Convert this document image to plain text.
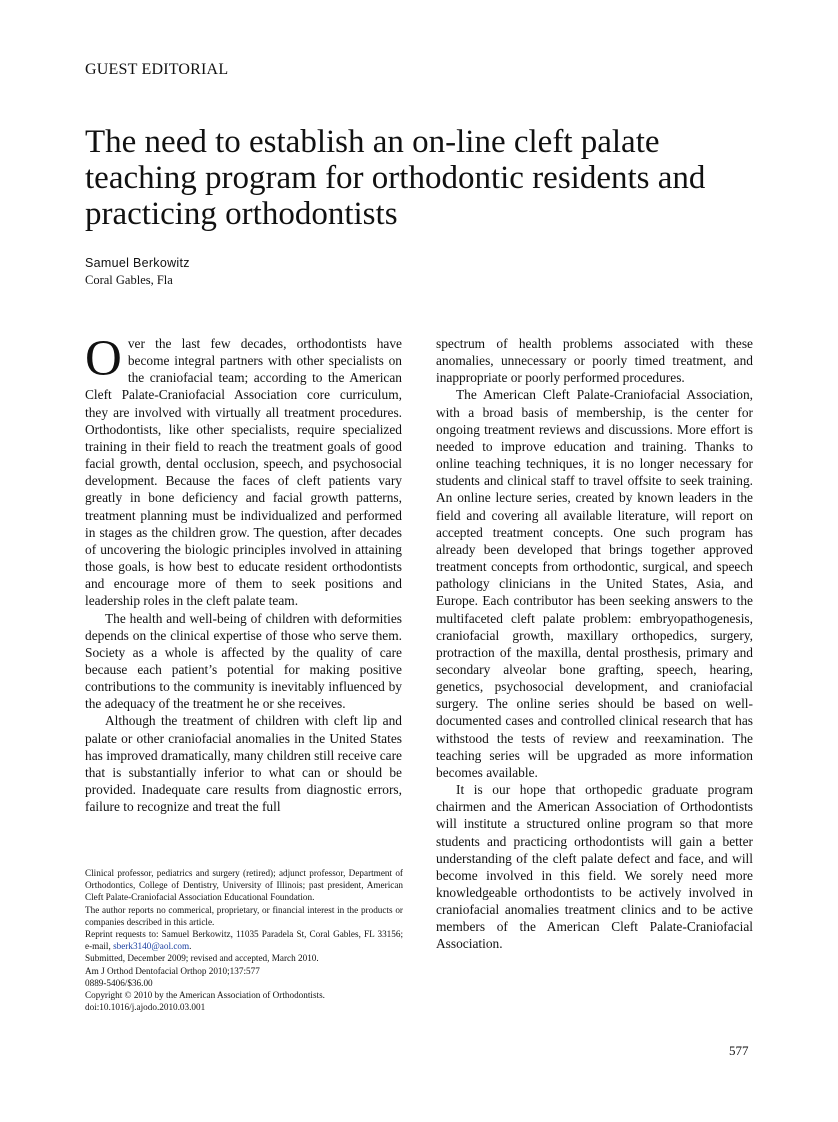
GUEST EDITORIAL
The need to establish an on-line cleft palate teaching program for orthodontic residents and practicing orthodontists
Samuel Berkowitz
Coral Gables, Fla

Over the last few decades, orthodontists have become integral partners with other specialists on the craniofacial team; according to the American Cleft Palate-Craniofacial Association core curriculum, they are involved with virtually all treatment procedures. Orthodontists, like other specialists, require specialized training in their field to reach the treatment goals of good facial growth, dental occlusion, speech, and psychosocial development. Because the faces of cleft patients vary greatly in bone deficiency and facial growth patterns, treatment planning must be individualized and performed in stages as the children grow. The question, after decades of uncovering the biologic principles involved in attaining those goals, is how best to educate resident orthodontists and encourage more of them to seek positions and leadership roles in the cleft palate team.

The health and well-being of children with deformities depends on the clinical expertise of those who serve them. Society as a whole is affected by the quality of care because each patient’s potential for making positive contributions to the community is inevitably influenced by the adequacy of the treatment he or she receives.

Although the treatment of children with cleft lip and palate or other craniofacial anomalies in the United States has improved dramatically, many children still receive care that is substantially inferior to what can or should be provided. Inadequate care results from diagnostic errors, failure to recognize and treat the full

spectrum of health problems associated with these anomalies, unnecessary or poorly timed treatment, and inappropriate or poorly performed procedures.

The American Cleft Palate-Craniofacial Association, with a broad basis of membership, is the center for ongoing treatment reviews and discussions. More effort is needed to improve education and training. Thanks to online teaching techniques, it is no longer necessary for students and clinical staff to travel offsite to seek training. An online lecture series, created by known leaders in the field and covering all available literature, will report on accepted treatment concepts. One such program has already been developed that brings together approved treatment concepts from orthodontic, surgical, and speech pathology clinicians in the United States, Asia, and Europe. Each contributor has been seeking answers to the multifaceted cleft palate problem: embryopathogenesis, craniofacial growth, maxillary orthopedics, surgery, protraction of the maxilla, dental prosthesis, primary and secondary alveolar bone grafting, speech, hearing, genetics, psychosocial development, and craniofacial surgery. The online series should be based on well-documented cases and controlled clinical research that has withstood the tests of review and reexamination. The teaching series will be upgraded as more information becomes available.

It is our hope that orthopedic graduate program chairmen and the American Association of Orthodontists will institute a structured online program so that more students and practicing orthodontists will gain a better understanding of the cleft palate defect and face, and will become involved in this field. We sorely need more knowledgeable orthodontists to be actively involved in craniofacial anomalies treatment clinics and to be active members of the American Cleft Palate-Craniofacial Association.

Clinical professor, pediatrics and surgery (retired); adjunct professor, Department of Orthodontics, College of Dentistry, University of Illinois; past president, American Cleft Palate-Craniofacial Association Educational Foundation.

The author reports no commerical, proprietary, or financial interest in the products or companies described in this article.

Reprint requests to: Samuel Berkowitz, 11035 Paradela St, Coral Gables, FL 33156; e-mail, sberk3140@aol.com.

Submitted, December 2009; revised and accepted, March 2010.

Am J Orthod Dentofacial Orthop 2010;137:577

0889-5406/$36.00

Copyright © 2010 by the American Association of Orthodontists.

doi:10.1016/j.ajodo.2010.03.001

577
